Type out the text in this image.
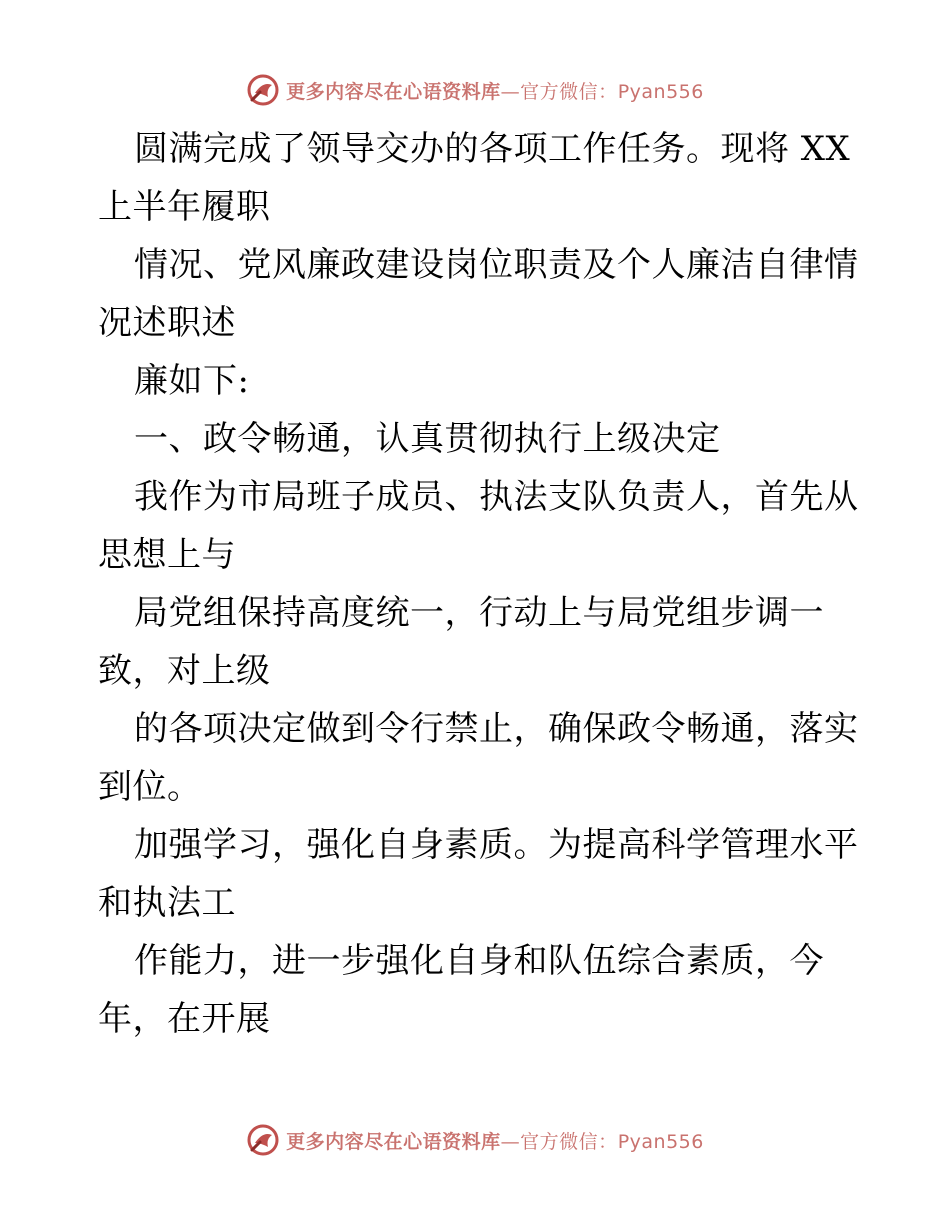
更多内容尽在心语资料库—官方微信：Pyan556
圆满完成了领导交办的各项工作任务。现将 XX
上半年履职
情况、党风廉政建设岗位职责及个人廉洁自律情
况述职述
廉如下:
一、政令畅通，认真贯彻执行上级决定
我作为市局班子成员、执法支队负责人，首先从
思想上与
局党组保持高度统一，行动上与局党组步调一
致，对上级
的各项决定做到令行禁止，确保政令畅通，落实
到位。
加强学习，强化自身素质。为提高科学管理水平
和执法工
作能力，进一步强化自身和队伍综合素质，今
年，在开展
更多内容尽在心语资料库—官方微信：Pyan556
